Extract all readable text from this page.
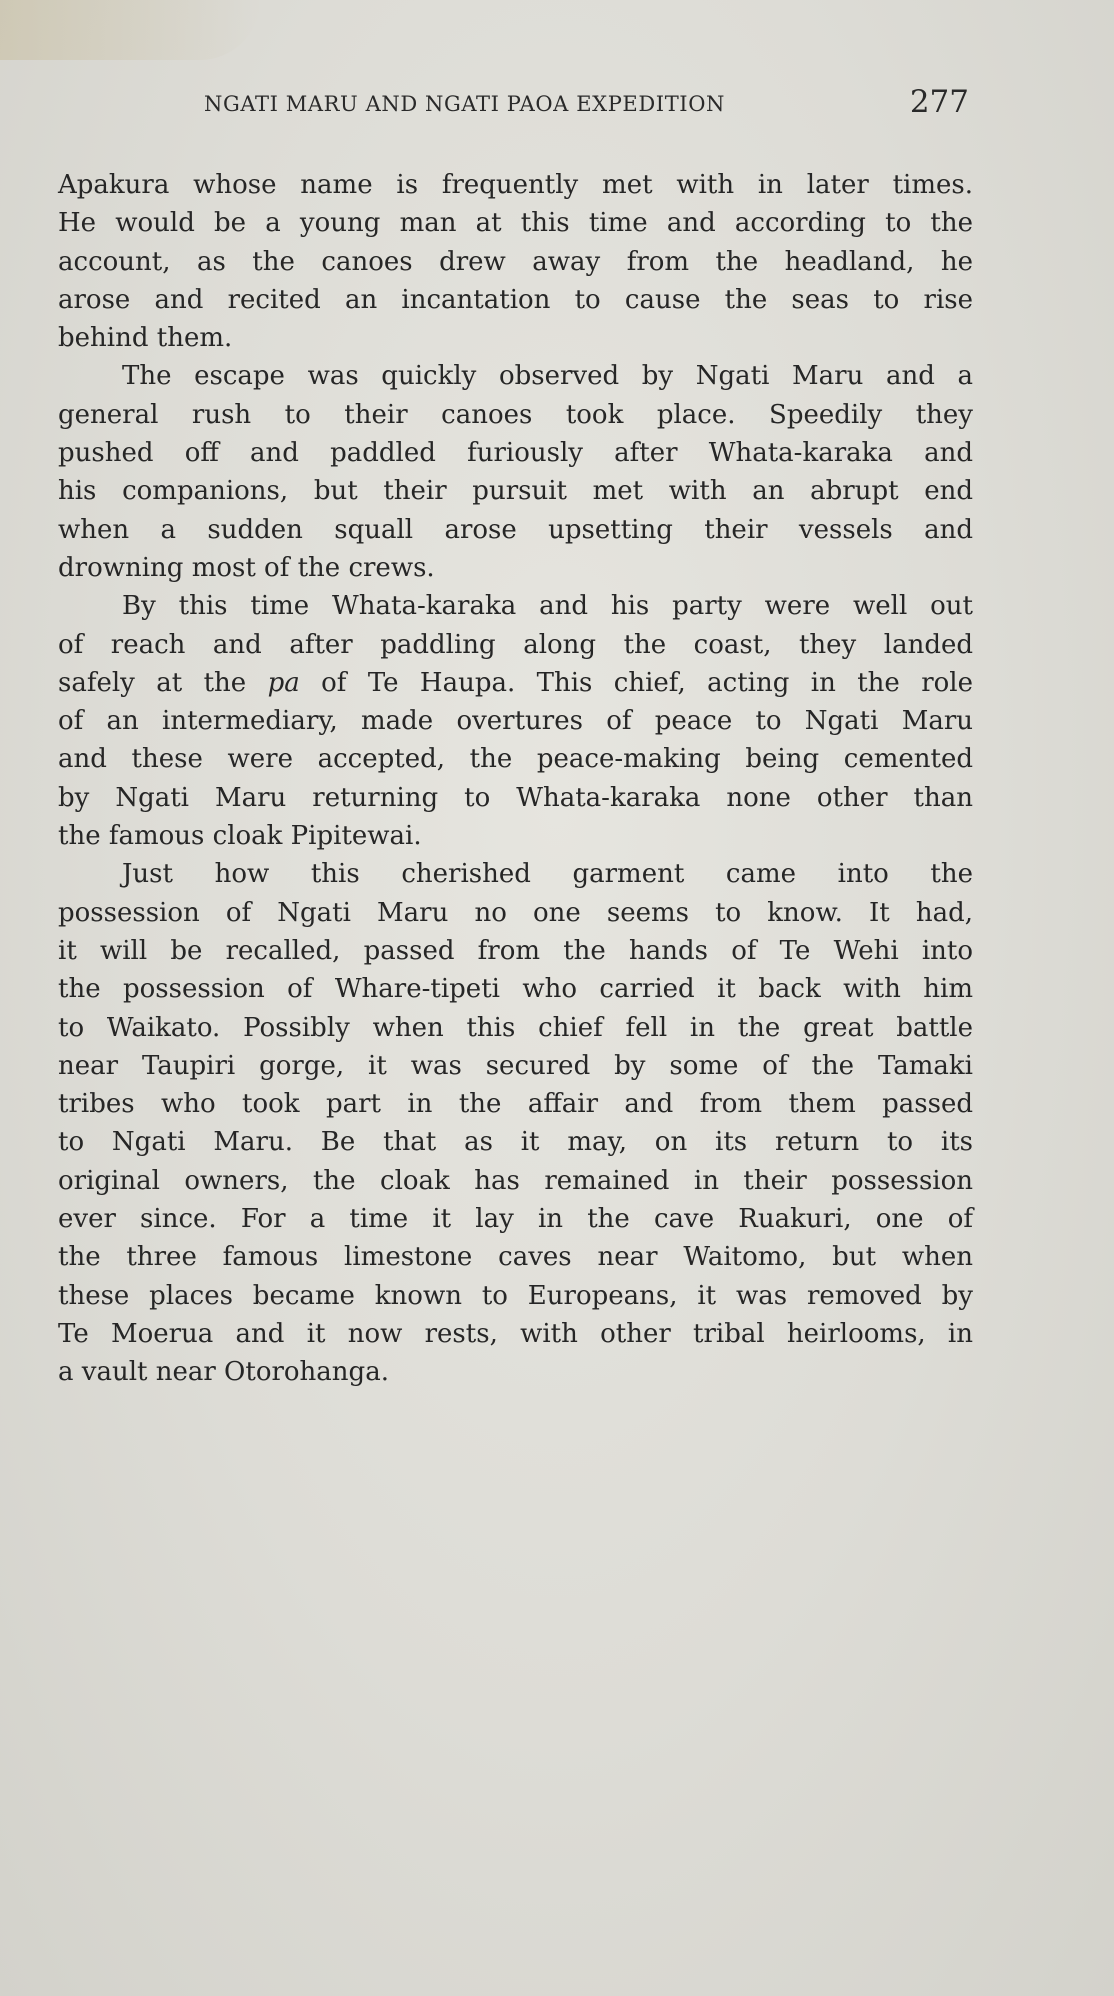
NGATI MARU AND NGATI PAOA EXPEDITION	277

Apakura whose name is frequently met with in later times.
He would be a young man at this time and according to the
account, as the canoes drew away from the headland, he
arose and recited an incantation to cause the seas to rise
behind them.

The escape was quickly observed by Ngati Maru and a
general rush to their canoes took place. Speedily they
pushed off and paddled furiously after Whata-karaka and
his companions, but their pursuit met with an abrupt end
when a sudden squall arose upsetting their vessels and
drowning most of the crews.

By this time Whata-karaka and his party were well out
of reach and after paddling along the coast, they landed
safely at the pa of Te Haupa. This chief, acting in the role
of an intermediary, made overtures of peace to Ngati Maru
and these were accepted, the peace-making being cemented
by Ngati Maru returning to Whata-karaka none other than
the famous cloak Pipitewai.

Just how this cherished garment came into the
possession of Ngati Maru no one seems to know. It had,
it will be recalled, passed from the hands of Te Wehi into
the possession of Whare-tipeti who carried it back with him
to Waikato. Possibly when this chief fell in the great battle
near Taupiri gorge, it was secured by some of the Tamaki
tribes who took part in the affair and from them passed
to Ngati Maru. Be that as it may, on its return to its
original owners, the cloak has remained in their possession
ever since. For a time it lay in the cave Ruakuri, one of
the three famous limestone caves near Waitomo, but when
these places became known to Europeans, it was removed by
Te Moerua and it now rests, with other tribal heirlooms, in
a vault near Otorohanga.
